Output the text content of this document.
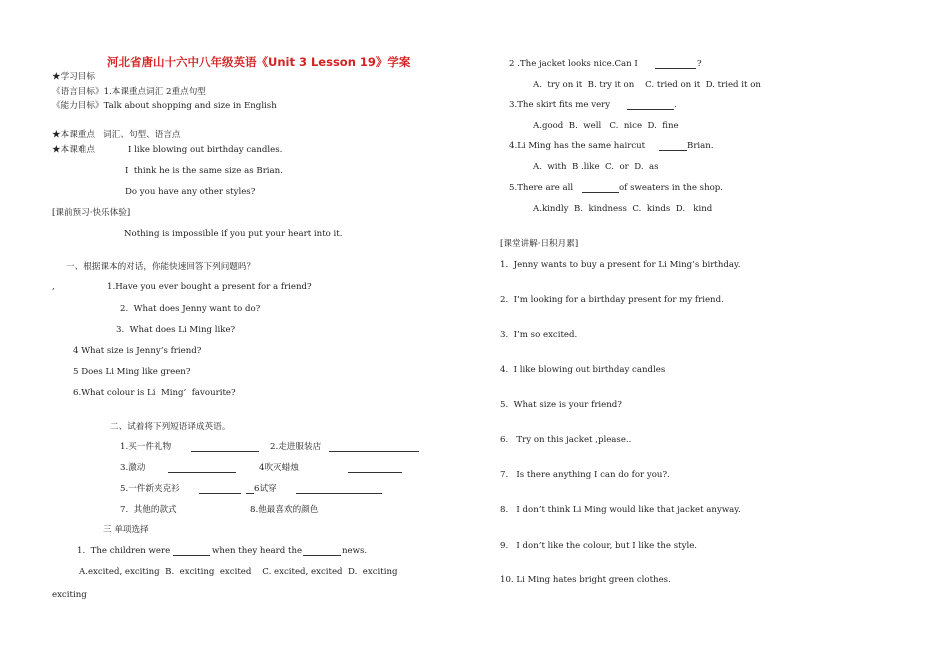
河北省唐山十六中八年级英语《Unit 3 Lesson 19》学案
★学习目标
《语言目标》1.本课重点词汇 2重点句型
《能力目标》Talk about shopping and size in English
★本课重点   词汇、句型、语言点
★本课难点	I like blowing out birthday candles.
I  think he is the same size as Brian.
Do you have any other styles?
[课前预习·快乐体验]
Nothing is impossible if you put your heart into it.
一、根据课本的对话，你能快速回答下列问题吗？
,	1.Have you ever bought a present for a friend?
2.  What does Jenny want to do?
3.  What does Li Ming like?
4 What size is Jenny’s friend?
5 Does Li Ming like green?
6.What colour is Li  Ming’  favourite?
二、试着将下列短语译成英语。
1.买一件礼物	2.走进服装店
3.激动	4吹灭蜡烛
5.一件新夹克衫	6试穿
7.  其他的款式	8.他最喜欢的颜色
三 单项选择
1.  The children were	when they heard the	news.
A.excited, exciting  B.  exciting  excited    C. excited, excited  D.  exciting
exciting
2 .The jacket looks nice.Can I	?
A.  try on it  B. try it on    C. tried on it  D. tried it on
3.The skirt fits me very	.
A.good  B.  well   C.  nice  D.  fine
4.Li Ming has the same haircut	Brian.
A.  with  B .like  C.  or  D.  as
5.There are all	of sweaters in the shop.
A.kindly  B.  kindness  C.  kinds  D.   kind
[课堂讲解·日积月累]
1.  Jenny wants to buy a present for Li Ming’s birthday.
2.  I’m looking for a birthday present for my friend.
3.  I’m so excited.
4.  I like blowing out birthday candles
5.  What size is your friend?
6.   Try on this jacket ,please..
7.   Is there anything I can do for you?.
8.   I don’t think Li Ming would like that jacket anyway.
9.   I don’t like the colour, but I like the style.
10. Li Ming hates bright green clothes.
